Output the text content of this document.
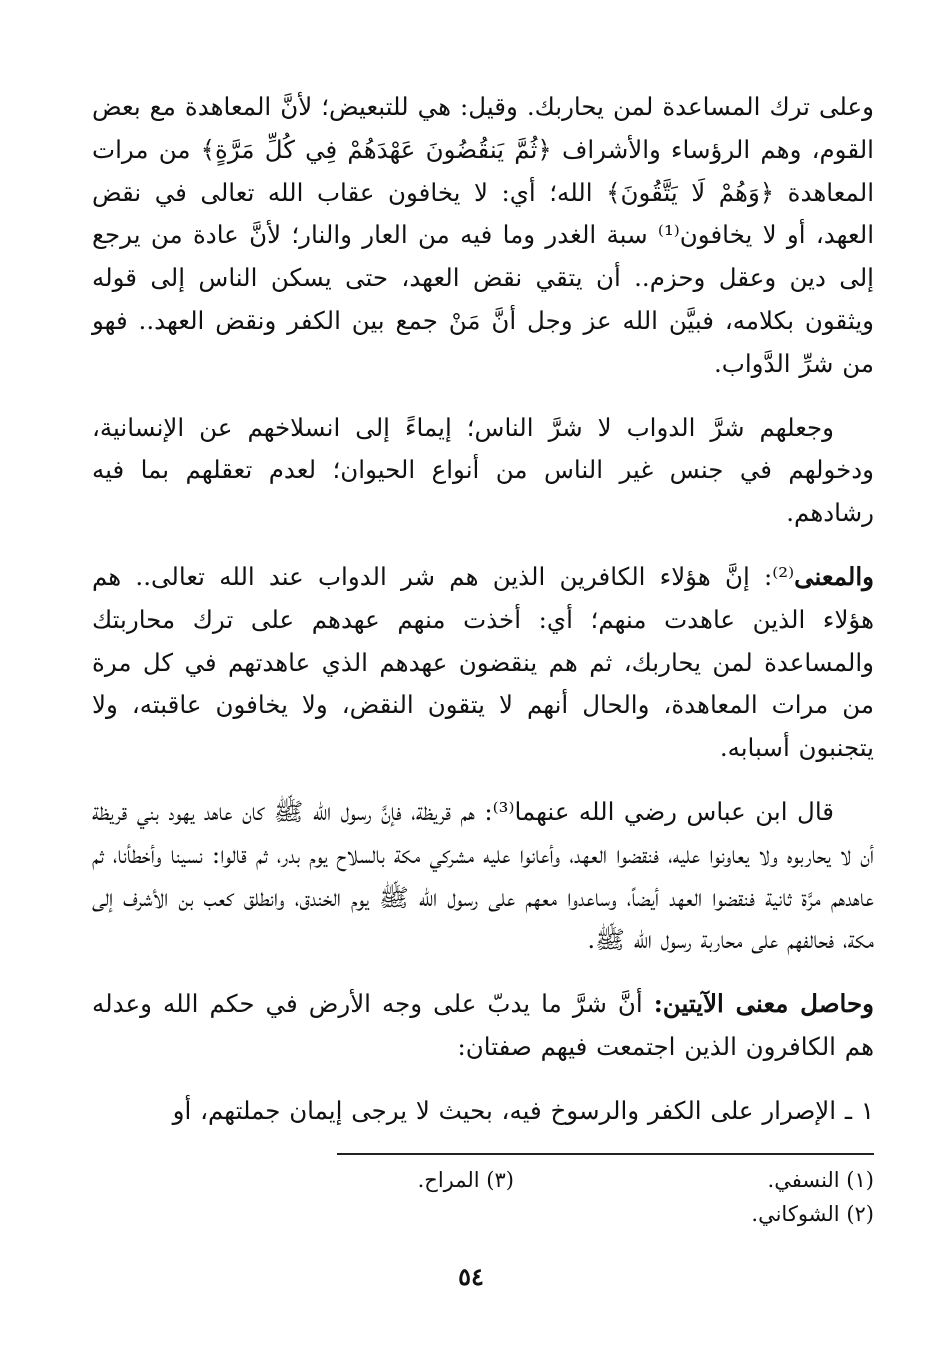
وعلى ترك المساعدة لمن يحاربك. وقيل: هي للتبعيض؛ لأنَّ المعاهدة مع بعض القوم، وهم الرؤساء والأشراف ﴿ثُمَّ يَنقُضُونَ عَهْدَهُمْ فِي كُلِّ مَرَّةٍ﴾ من مرات المعاهدة ﴿وَهُمْ لَا يَتَّقُونَ﴾ الله؛ أي: لا يخافون عقاب الله تعالى في نقض العهد، أو لا يخافون⁽¹⁾ سبة الغدر وما فيه من العار والنار؛ لأنَّ عادة من يرجع إلى دين وعقل وحزم.. أن يتقي نقض العهد، حتى يسكن الناس إلى قوله ويثقون بكلامه، فبيَّن الله عز وجل أنَّ مَنْ جمع بين الكفر ونقض العهد.. فهو من شرِّ الدَّواب.

وجعلهم شرَّ الدواب لا شرَّ الناس؛ إيماءً إلى انسلاخهم عن الإنسانية، ودخولهم في جنس غير الناس من أنواع الحيوان؛ لعدم تعقلهم بما فيه رشادهم.

والمعنى⁽²⁾: إنَّ هؤلاء الكافرين الذين هم شر الدواب عند الله تعالى.. هم هؤلاء الذين عاهدت منهم؛ أي: أخذت منهم عهدهم على ترك محاربتك والمساعدة لمن يحاربك، ثم هم ينقضون عهدهم الذي عاهدتهم في كل مرة من مرات المعاهدة، والحال أنهم لا يتقون النقض، ولا يخافون عاقبته، ولا يتجنبون أسبابه.

قال ابن عباس رضي الله عنهما⁽³⁾: هم قريظة، فإنَّ رسول الله ﷺ كان عاهد يهود بني قريظة أن لا يحاربوه ولا يعاونوا عليه، فنقضوا العهد، وأعانوا عليه مشركي مكة بالسلاح يوم بدر، ثم قالوا: نسينا وأخطأنا، ثم عاهدهم مرَّة ثانية فنقضوا العهد أيضاً، وساعدوا معهم على رسول الله ﷺ يوم الخندق، وانطلق كعب بن الأشرف إلى مكة، فحالفهم على محاربة رسول الله ﷺ.

وحاصل معنى الآيتين: أنَّ شرَّ ما يدبّ على وجه الأرض في حكم الله وعدله هم الكافرون الذين اجتمعت فيهم صفتان:

١ ـ الإصرار على الكفر والرسوخ فيه، بحيث لا يرجى إيمان جملتهم، أو

(١) النسفي.
(٣) المراح.
(٢) الشوكاني.
٥٤
